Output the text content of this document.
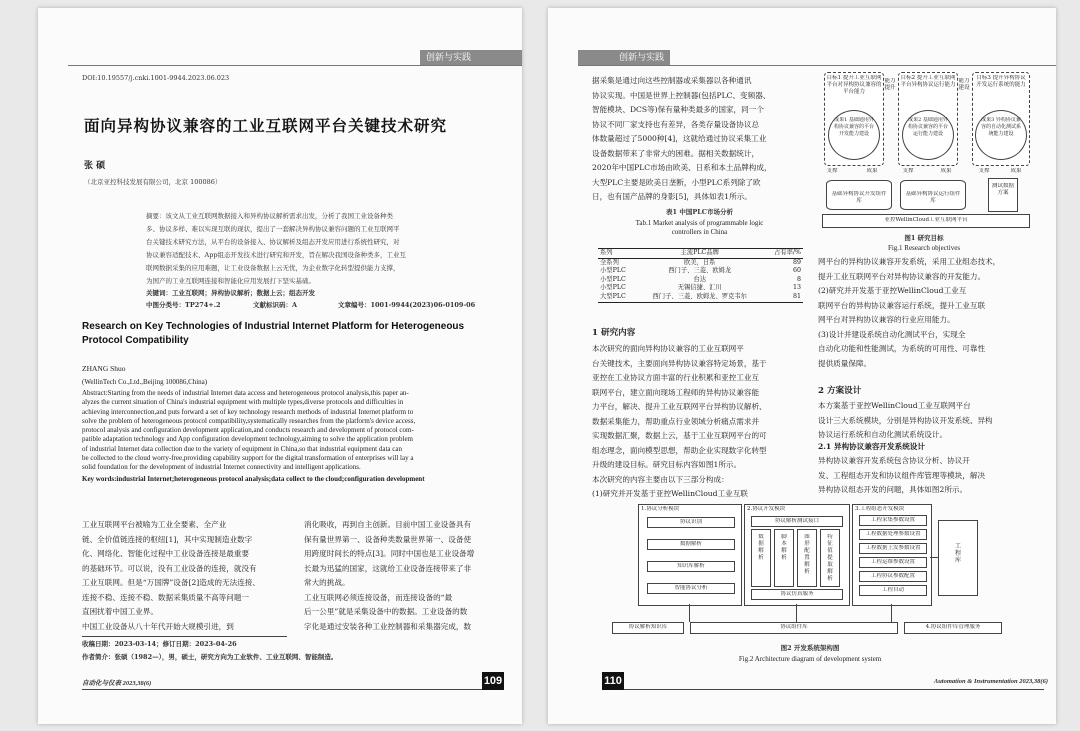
创新与实践
DOI:10.19557/j.cnki.1001-9944.2023.06.023
面向异构协议兼容的工业互联网平台关键技术研究
张 硕
（北京亚控科技发展有限公司，北京 100086）
摘要：该文从工业互联网数据接入和异构协议解析需求出发，分析了我国工业设备种类
多、协议多样、难以实现互联的现状，提出了一套解决异构协议兼容问题的工业互联网平
台关键技术研究方法，从平台的设备接入、协议解析及组态开发应用进行系统性研究，对
协议兼容适配技术、App组态开发技术进行研究和开发，旨在解决我国设备种类多，工业互
联网数据采集的应用难题，让工业设备数据上云无忧，为企业数字化转型提供能力支撑，
为国产的工业互联网连接和智能化应用发展打下坚实基础。
关键词：工业互联网；异构协议解析；数据上云；组态开发
中图分类号：TP274+.2	文献标识码：A	文章编号：1001-9944(2023)06-0109-06
Research on Key Technologies of Industrial Internet Platform for Heterogeneous
Protocol Compatibility
ZHANG Shuo
(WellinTech Co.,Ltd.,Beijing 100086,China)
Abstract:Starting from the needs of industrial Internet data access and heterogeneous protocol analysis,this paper an-
alyzes the current situation of China's industrial equipment with multiple types,diverse protocols and difficulties in
achieving interconnection,and puts forward a set of key technology research methods of industrial Internet platform to
solve the problem of heterogeneous protocol compatibility,systematically researches from the platform's device access,
protocol analysis and configuration development application,and conducts research and development of protocol com-
patible adaptation technology and App configuration development technology,aiming to solve the application problem
of industrial Internet data collection due to the variety of equipment in China,so that industrial equipment data can
be collected to the cloud worry-free,providing capability support for the digital transformation of enterprises will lay a
solid foundation for the development of industrial Internet connectivity and intelligent applications.
Key words:industrial Internet;heterogeneous protocol analysis;data collect to the cloud;configuration development
工业互联网平台被喻为工业全要素、全产业
链、全价值链连接的枢纽[1]，其中实现制造业数字
化、网络化、智能化过程中工业设备连接是最重要
的基础环节。可以说，没有工业设备的连接，就没有
工业互联网。但是“万国牌”设备[2]造成的无法连接、
连接不稳、连接不稳、数据采集质量不高等问题一
直困扰着中国工业界。
中国工业设备从八十年代开始大规模引进，到
消化吸收，再到自主创新。目前中国工业设备具有
保有量世界第一、设备种类数量世界第一、设备使
用跨度时间长的特点[3]。同时中国也是工业设备增
长最为迅猛的国家，这就给工业设备连接带来了非
常大的挑战。
工业互联网必须连接设备，而连接设备的“最
后一公里”就是采集设备中的数据。工业设备的数
字化是通过安装各种工业控制器和采集器完成，数
收稿日期：2023-03-14；修订日期：2023-04-26
作者简介：张硕（1982—），男，硕士，研究方向为工业软件、工业互联网、智能制造。
自动化与仪表 2023,38(6)	109
创新与实践
据采集是通过向这些控制器或采集器以各种通讯
协议实现。中国是世界上控制器(包括PLC、变频器、
智能模块、DCS等)保有量种类最多的国家，同一个
协议不同厂家支持也有差异，各类存量设备协议总
体数量超过了5000种[4]，这就给通过协议采集工业
设备数据带来了非常大的困难。据相关数据统计，
2020年中国PLC市场由欧美、日系和本土品牌构成，
大型PLC主要是欧美日垄断，小型PLC系列除了欧
日，也有国产品牌的身影[5]，具体如表1所示。
表1 中国PLC市场分析
Tab.1 Market analysis of programmable logic
controllers in China
系列	主流PLC品牌	占有率/%
全系列	欧美，日系	89
小型PLC	西门子、三菱、欧姆龙	60
小型PLC	台达	8
小型PLC	无锡信捷、汇川	13
大型PLC	西门子、三菱、欧姆龙、罗克韦尔	81
1 研究内容
本次研究的面向异构协议兼容的工业互联网平
台关键技术，主要面向异构协议兼容特定场景，基于
亚控在工业协议方面丰富的行业积累和亚控工业互
联网平台，建立面向现场工程师的异构协议兼容能
力平台，解决、提升工业互联网平台异构协议解析、
数据采集能力，帮助重点行业领域分析痛点需求并
实现数据汇聚，数据上云，基于工业互联网平台的可
组态理念，面向模型思想，帮助企业实现数字化转型
升级的建设目标。研究目标内容如图1所示。
本次研究的内容主要由以下三部分构成：
(1)研究并开发基于亚控WellinCloud工业互联
目标1 提升工业互联网平台对异构协议兼容的平台能力
目标2 提升工业互联网平台异构协议运行能力
目标3 提升异构协议开发运行系统的能力
能力提升
能力建设
成果1 基础通用异构协议兼容的平台开发能力建设
成果2 基础通用异构协议兼容的平台运行能力建设
成果3 异构协议兼容的自动化测试系统能力建设
支撑	成果	支撑	成果	支撑	成果
基础异构协议开发组件库
基础异构协议运行组件库
测试数据方案
亚控WellinCloud工业互联网平台
图1 研究目标
Fig.1 Research objectives
网平台的异构协议兼容开发系统，采用工业组态技术，
提升工业互联网平台对异构协议兼容的开发能力。
(2)研究并开发基于亚控WellinCloud工业互
联网平台的异构协议兼容运行系统，提升工业互联
网平台对异构协议兼容的行业应用能力。
(3)设计并建设系统自动化测试平台，实现全
自动化功能和性能测试，为系统的可用性、可靠性
提供质量保障。
2 方案设计
本方案基于亚控WellinCloud工业互联网平台
设计三大系统模块，分别是异构协议开发系统、异构
协议运行系统和自动化测试系统设计。
2.1 异构协议兼容开发系统设计
异构协议兼容开发系统包含协议分析、协议开
发、工程组态开发和协议组件库管理等模块，解决
异构协议组态开发的问题，具体如图2所示。
1.协议分析模块
协议识别
数据解析
知识库解析
智能协议分析
2.协议开发模块
协议解析测试接口
数据解析
脚本解析
图形配置解析
特征值提取解析
协议仿真服务
3.工程组态开发模块
工程采集参数设置
工程数据处理参数设置
工程数据上发参数设置
工程运维参数设置
工程协议参数配置
工程自动
工程库
协议解析知识库	协议组件库	4.协议组件库管理服务
图2 开发系统架构图
Fig.2 Architecture diagram of development system
110	Automation & Instrumentation 2023,38(6)
